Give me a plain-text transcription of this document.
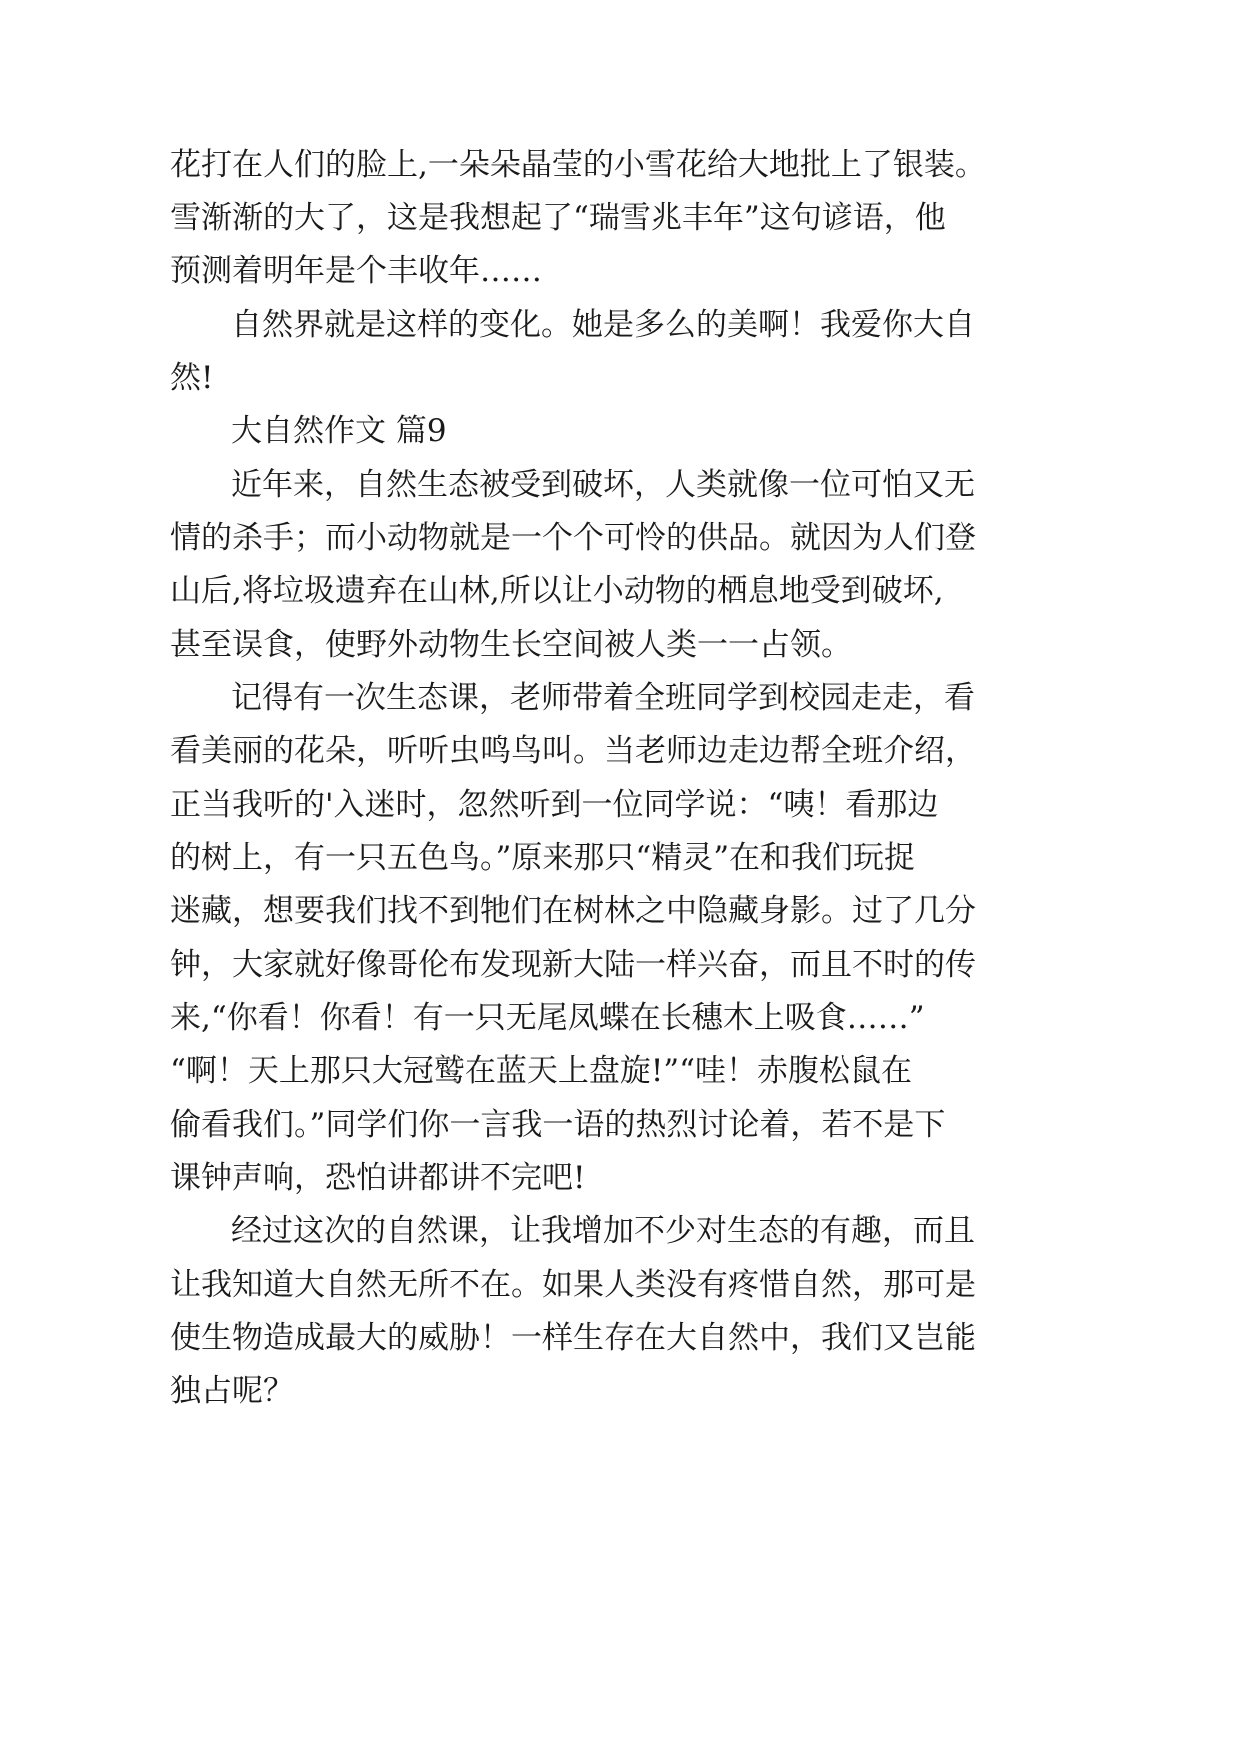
花打在人们的脸上,一朵朵晶莹的小雪花给大地批上了银装。
雪渐渐的大了，这是我想起了“瑞雪兆丰年”这句谚语，他
预测着明年是个丰收年……
自然界就是这样的变化。她是多么的美啊！我爱你大自
然!
大自然作文 篇9
近年来，自然生态被受到破坏，人类就像一位可怕又无
情的杀手；而小动物就是一个个可怜的供品。就因为人们登
山后,将垃圾遗弃在山林,所以让小动物的栖息地受到破坏,
甚至误食，使野外动物生长空间被人类一一占领。
记得有一次生态课，老师带着全班同学到校园走走，看
看美丽的花朵，听听虫鸣鸟叫。当老师边走边帮全班介绍，
正当我听的'入迷时，忽然听到一位同学说：“咦！看那边
的树上，有一只五色鸟。”原来那只“精灵”在和我们玩捉
迷藏，想要我们找不到牠们在树林之中隐藏身影。过了几分
钟，大家就好像哥伦布发现新大陆一样兴奋，而且不时的传
来,“你看！你看！有一只无尾凤蝶在长穗木上吸食……”
“啊！天上那只大冠鹫在蓝天上盘旋!”“哇！赤腹松鼠在
偷看我们。”同学们你一言我一语的热烈讨论着，若不是下
课钟声响，恐怕讲都讲不完吧!
经过这次的自然课，让我增加不少对生态的有趣，而且
让我知道大自然无所不在。如果人类没有疼惜自然，那可是
使生物造成最大的威胁！一样生存在大自然中，我们又岂能
独占呢？
